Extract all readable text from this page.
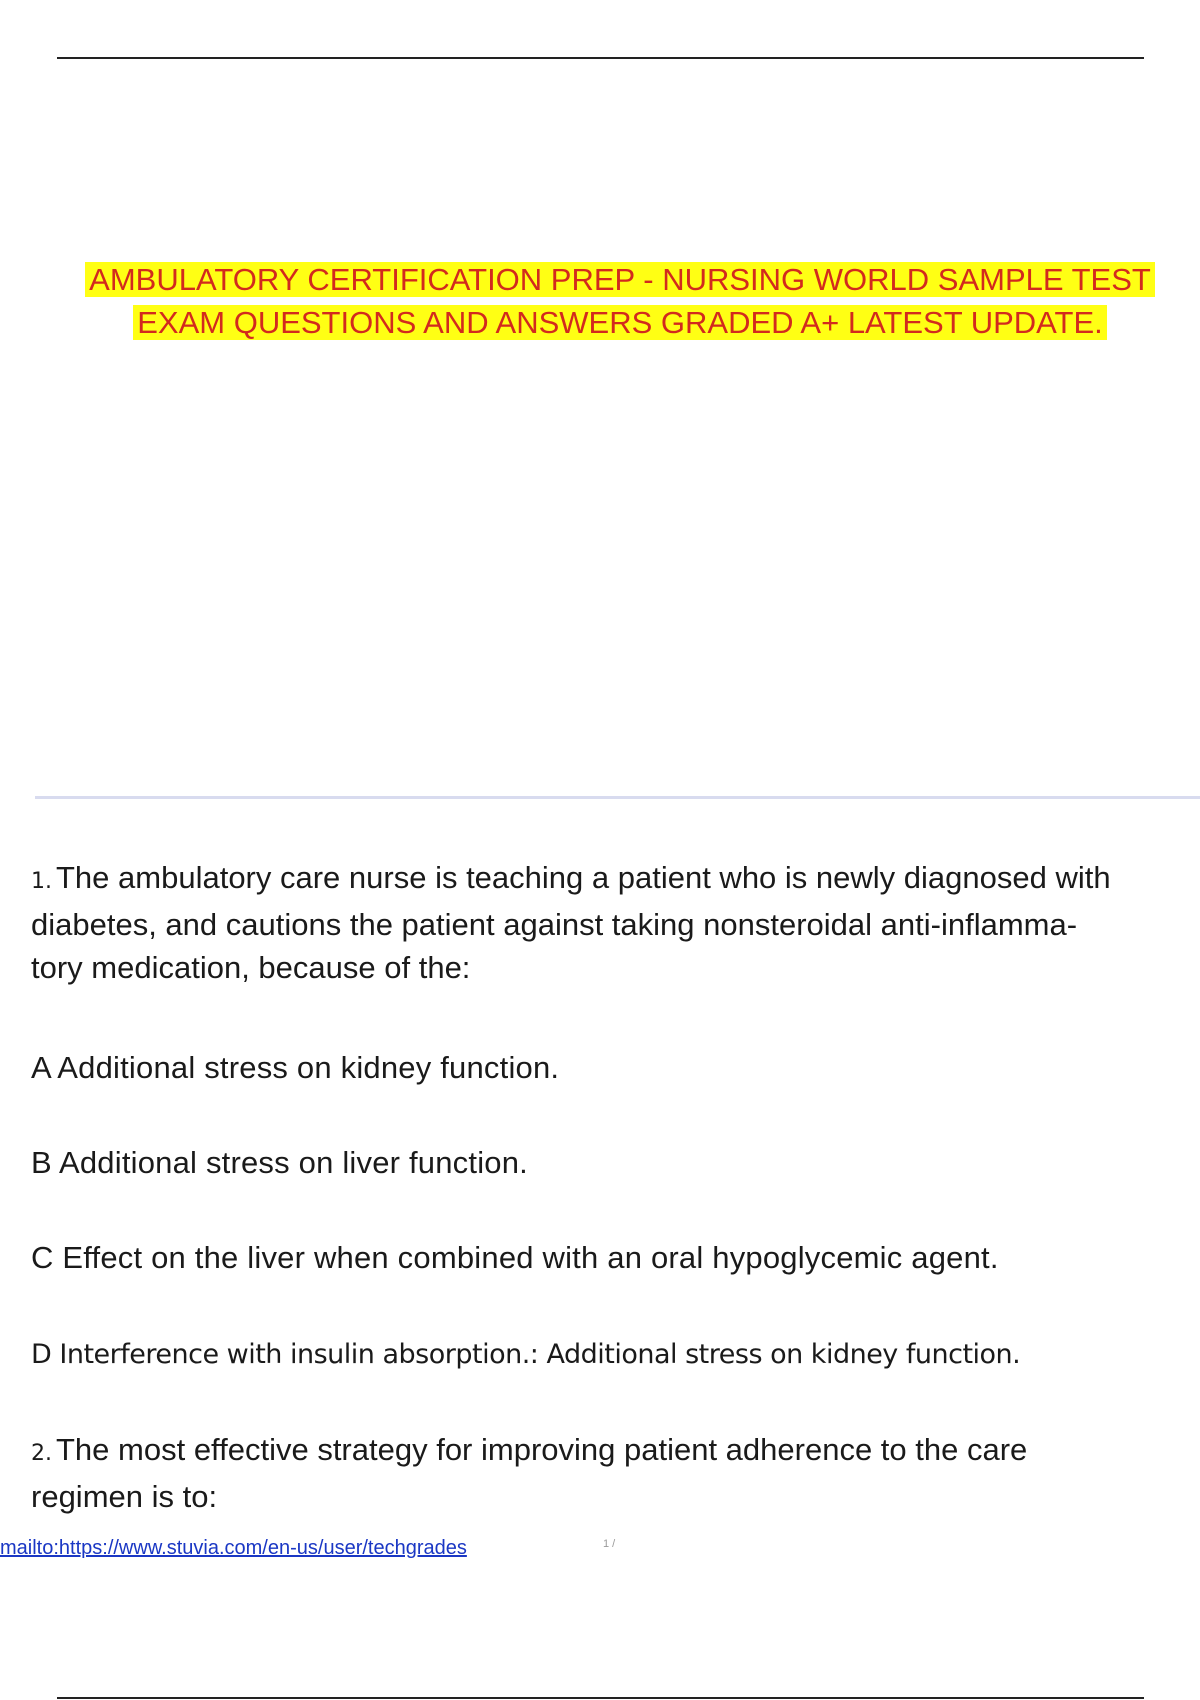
AMBULATORY CERTIFICATION PREP - NURSING WORLD SAMPLE TEST
EXAM QUESTIONS AND ANSWERS GRADED A+ LATEST UPDATE.
1. The ambulatory care nurse is teaching a patient who is newly diagnosed with
diabetes, and cautions the patient against taking nonsteroidal anti-inflamma-

tory medication, because of the:
A Additional stress on kidney function.
B Additional stress on liver function.
C Effect on the liver when combined with an oral hypoglycemic agent.
D Interference with insulin absorption.: Additional stress on kidney function.
2. The most effective strategy for improving patient adherence to the care
regimen is to:
mailto:https://www.stuvia.com/en-us/user/techgrades	1 /
